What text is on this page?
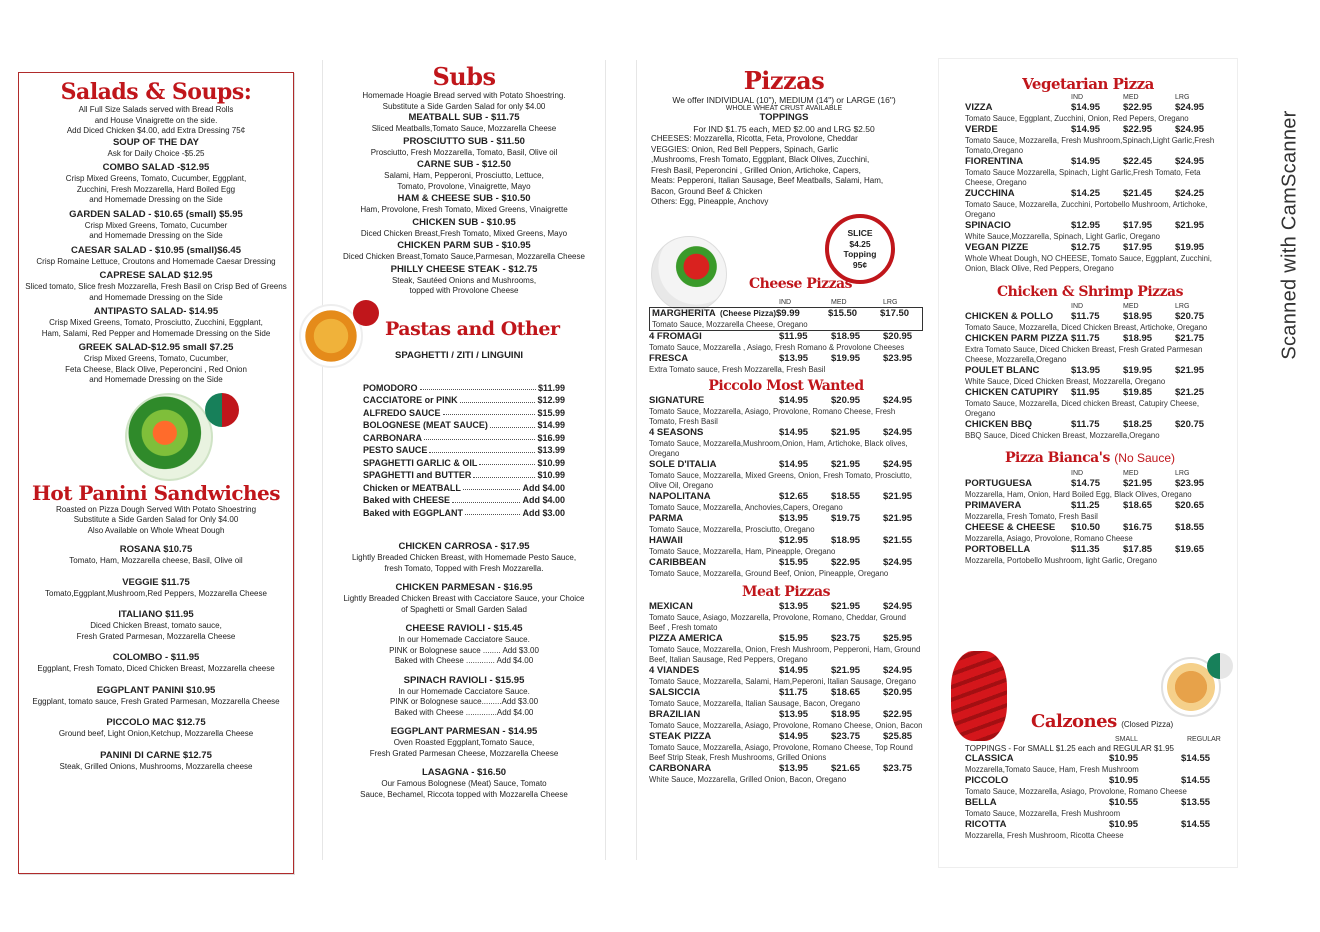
Salads & Soups:
All Full Size Salads served with Bread Rolls
and House Vinaigrette on the side.
Add Diced Chicken $4.00, add Extra Dressing 75¢
SOUP OF THE DAY
Ask for Daily Choice -$5.25
COMBO SALAD -$12.95
Crisp Mixed Greens, Tomato, Cucumber, Eggplant,
Zucchini, Fresh Mozzarella, Hard Boiled Egg
and Homemade Dressing on the Side
GARDEN SALAD - $10.65 (small) $5.95
Crisp Mixed Greens, Tomato, Cucumber
and Homemade Dressing on the Side
CAESAR SALAD - $10.95 (small)$6.45
Crisp Romaine Lettuce, Croutons and Homemade Caesar Dressing
CAPRESE SALAD $12.95
Sliced tomato, Slice fresh Mozzarella, Fresh Basil on Crisp Bed of Greens
and Homemade Dressing on the Side
ANTIPASTO SALAD- $14.95
Crisp Mixed Greens, Tomato, Prosciutto, Zucchini, Eggplant,
Ham, Salami, Red Pepper and Homemade Dressing on the Side
GREEK SALAD-$12.95 small $7.25
Crisp Mixed Greens, Tomato, Cucumber,
Feta Cheese, Black Olive, Peperoncini , Red Onion
and Homemade Dressing on the Side
Hot Panini Sandwiches
Roasted on Pizza Dough Served With Potato Shoestring
Substitute a Side Garden Salad for Only $4.00
Also Available on Whole Wheat Dough
ROSANA $10.75
Tomato, Ham, Mozzarella cheese, Basil, Olive oil
VEGGIE $11.75
Tomato,Eggplant,Mushroom,Red Peppers, Mozzarella Cheese
ITALIANO $11.95
Diced Chicken Breast, tomato sauce,
Fresh Grated Parmesan, Mozzarella Cheese
COLOMBO - $11.95
Eggplant, Fresh Tomato, Diced Chicken Breast, Mozzarella cheese
EGGPLANT PANINI $10.95
Eggplant, tomato sauce, Fresh Grated Parmesan, Mozzarella Cheese
PICCOLO MAC $12.75
Ground beef, Light Onion,Ketchup, Mozzarella Cheese
PANINI DI CARNE $12.75
Steak, Grilled Onions, Mushrooms, Mozzarella cheese
Subs
Homemade Hoagie Bread served with Potato Shoestring.
Substitute a Side Garden Salad for only $4.00
MEATBALL SUB - $11.75
Sliced Meatballs,Tomato Sauce, Mozzarella Cheese
PROSCIUTTO SUB - $11.50
Prosciutto, Fresh Mozzarella, Tomato, Basil, Olive oil
CARNE SUB - $12.50
Salami, Ham, Pepperoni, Prosciutto, Lettuce,
Tomato, Provolone, Vinaigrette, Mayo
HAM & CHEESE SUB - $10.50
Ham, Provolone, Fresh Tomato, Mixed Greens, Vinaigrette
CHICKEN SUB - $10.95
Diced Chicken Breast,Fresh Tomato, Mixed Greens, Mayo
CHICKEN PARM SUB - $10.95
Diced Chicken Breast,Tomato Sauce,Parmesan, Mozzarella Cheese
PHILLY CHEESE STEAK - $12.75
Steak, Sautéed Onions and Mushrooms,
topped with Provolone Cheese
Pastas and Other
SPAGHETTI / ZITI / LINGUINI
POMODORO	$11.99
CACCIATORE or PINK	$12.99
ALFREDO SAUCE	$15.99
BOLOGNESE (MEAT SAUCE)	$14.99
CARBONARA	$16.99
PESTO SAUCE	$13.99
SPAGHETTI GARLIC & OIL	$10.99
SPAGHETTI and BUTTER	$10.99
Chicken or MEATBALL	Add $4.00
Baked with CHEESE	Add $4.00
Baked with EGGPLANT	Add $3.00
CHICKEN CARROSA - $17.95
Lightly Breaded Chicken Breast, with Homemade Pesto Sauce,
fresh Tomato, Topped with Fresh Mozzarella.
CHICKEN PARMESAN - $16.95
Lightly Breaded Chicken Breast with Cacciatore Sauce, your Choice
of Spaghetti or Small Garden Salad
CHEESE RAVIOLI - $15.45
In our Homemade Cacciatore Sauce.
PINK or Bolognese sauce ........ Add $3.00
Baked with Cheese ............. Add $4.00
SPINACH RAVIOLI - $15.95
In our Homemade Cacciatore Sauce.
PINK or Bolognese sauce.........Add $3.00
Baked with Cheese ..............Add $4.00
EGGPLANT PARMESAN - $14.95
Oven Roasted Eggplant,Tomato Sauce,
Fresh Grated Parmesan Cheese, Mozzarella Cheese
LASAGNA - $16.50
Our Famous Bolognese (Meat) Sauce, Tomato
Sauce, Bechamel, Riccota topped with Mozzarella Cheese
Pizzas
We offer INDIVIDUAL (10"), MEDIUM (14") or LARGE (16")
WHOLE WHEAT CRUST AVAILABLE
TOPPINGS
For IND $1.75 each, MED $2.00 and LRG $2.50
CHEESES: Mozzarella, Ricotta, Feta, Provolone, Cheddar
VEGGIES: Onion, Red Bell Peppers, Spinach, Garlic ,Mushrooms, Fresh Tomato, Eggplant, Black Olives, Zucchini, Fresh Basil, Peperoncini , Grilled Onion, Artichoke, Capers,
Meats: Pepperoni, Italian Sausage, Beef Meatballs, Salami, Ham, Bacon, Ground Beef & Chicken
Others: Egg, Pineapple, Anchovy
SLICE
$4.25
Topping
95¢
Cheese Pizzas
IND	MED	LRG
MARGHERITA (Cheese Pizza) $9.99	$15.50	$17.50
Tomato Sauce, Mozzarella Cheese, Oregano
4 FROMAGI	$11.95	$18.95	$20.95
Tomato Sauce, Mozzarella , Asiago, Fresh Romano & Provolone Cheeses
FRESCA	$13.95	$19.95	$23.95
Extra Tomato sauce, Fresh Mozzarella, Fresh Basil
Piccolo Most Wanted
SIGNATURE	$14.95	$20.95	$24.95
Tomato Sauce, Mozzarella, Asiago, Provolone, Romano Cheese, Fresh Tomato, Fresh Basil
4 SEASONS	$14.95	$21.95	$24.95
Tomato Sauce, Mozzarella,Mushroom,Onion, Ham, Artichoke, Black olives, Oregano
SOLE D'ITALIA	$14.95	$21.95	$24.95
Tomato Sauce, Mozzarella, Mixed Greens, Onion, Fresh Tomato, Prosciutto, Olive Oil, Oregano
NAPOLITANA	$12.65	$18.55	$21.95
Tomato Sauce, Mozzarella, Anchovies,Capers, Oregano
PARMA	$13.95	$19.75	$21.95
Tomato Sauce, Mozzarella, Prosciutto, Oregano
HAWAII	$12.95	$18.95	$21.55
Tomato Sauce, Mozzarella, Ham, Pineapple, Oregano
CARIBBEAN	$15.95	$22.95	$24.95
Tomato Sauce, Mozzarella, Ground Beef, Onion, Pineapple, Oregano
Meat Pizzas
MEXICAN	$13.95	$21.95	$24.95
Tomato Sauce, Asiago, Mozzarella, Provolone, Romano, Cheddar, Ground Beef , Fresh tomato
PIZZA AMERICA	$15.95	$23.75	$25.95
Tomato Sauce, Mozzarella, Onion, Fresh Mushroom, Pepperoni, Ham, Ground Beef, Italian Sausage, Red Peppers, Oregano
4 VIANDES	$14.95	$21.95	$24.95
Tomato Sauce, Mozzarella, Salami, Ham,Peperoni, Italian Sausage, Oregano
SALSICCIA	$11.75	$18.65	$20.95
Tomato Sauce, Mozzarella, Italian Sausage, Bacon, Oregano
BRAZILIAN	$13.95	$18.95	$22.95
Tomato Sauce, Mozzarella, Asiago, Provolone, Romano Cheese, Onion, Bacon
STEAK PIZZA	$14.95	$23.75	$25.85
Tomato Sauce, Mozzarella, Asiago, Provolone, Romano Cheese, Top Round Beef Strip Steak, Fresh Mushrooms, Grilled Onions
CARBONARA	$13.95	$21.65	$23.75
White Sauce, Mozzarella, Grilled Onion, Bacon, Oregano
Vegetarian Pizza
IND	MED	LRG
VIZZA	$14.95	$22.95	$24.95
Tomato Sauce, Eggplant, Zucchini, Onion, Red Pepers, Oregano
VERDE	$14.95	$22.95	$24.95
Tomato Sauce, Mozzarella, Fresh Mushroom,Spinach,Light Garlic,Fresh Tomato,Oregano
FIORENTINA	$14.95	$22.45	$24.95
Tomato Sauce Mozzarella, Spinach, Light Garlic,Fresh Tomato, Feta Cheese, Oregano
ZUCCHINA	$14.25	$21.45	$24.25
Tomato Sauce, Mozzarella, Zucchini, Portobello Mushroom, Artichoke, Oregano
SPINACIO	$12.95	$17.95	$21.95
White Sauce,Mozzarella, Spinach, Light Garlic, Oregano
VEGAN PIZZE	$12.75	$17.95	$19.95
Whole Wheat Dough, NO CHEESE, Tomato Sauce, Eggplant, Zucchini, Onion, Black Olive, Red Peppers, Oregano
Chicken & Shrimp Pizzas
IND	MED	LRG
CHICKEN & POLLO	$11.75	$18.95	$20.75
Tomato Sauce, Mozzarella, Diced Chicken Breast, Artichoke, Oregano
CHICKEN PARM PIZZA $11.75	$18.95	$21.75
Extra Tomato Sauce, Diced Chicken Breast, Fresh Grated Parmesan Cheese, Mozzarella,Oregano
POULET BLANC	$13.95	$19.95	$21.95
White Sauce, Diced Chicken Breast, Mozzarella, Oregano
CHICKEN CATUPIRY	$11.95	$19.85	$21.25
Tomato Sauce, Mozzarella, Diced chicken Breast, Catupiry Cheese, Oregano
CHICKEN BBQ	$11.75	$18.25	$20.75
BBQ Sauce, Diced Chicken Breast, Mozzarella,Oregano
Pizza Bianca's (No Sauce)
IND	MED	LRG
PORTUGUESA	$14.75	$21.95	$23.95
Mozzarella, Ham, Onion, Hard Boiled Egg, Black Olives, Oregano
PRIMAVERA	$11.25	$18.65	$20.65
Mozzarella, Fresh Tomato, Fresh Basil
CHEESE & CHEESE	$10.50	$16.75	$18.55
Mozzarella, Asiago, Provolone, Romano Cheese
PORTOBELLA	$11.35	$17.85	$19.65
Mozzarella, Portobello Mushroom, light Garlic, Oregano
Calzones (Closed Pizza)
SMALL	REGULAR
TOPPINGS - For SMALL $1.25 each and REGULAR $1.95
CLASSICA	$10.95	$14.55
Mozzarella,Tomato Sauce, Ham, Fresh Mushroom
PICCOLO	$10.95	$14.55
Tomato Sauce, Mozzarella, Asiago, Provolone, Romano Cheese
BELLA	$10.55	$13.55
Tomato Sauce, Mozzarella, Fresh Mushroom
RICOTTA	$10.95	$14.55
Mozzarella, Fresh Mushroom, Ricotta Cheese
Scanned with CamScanner
